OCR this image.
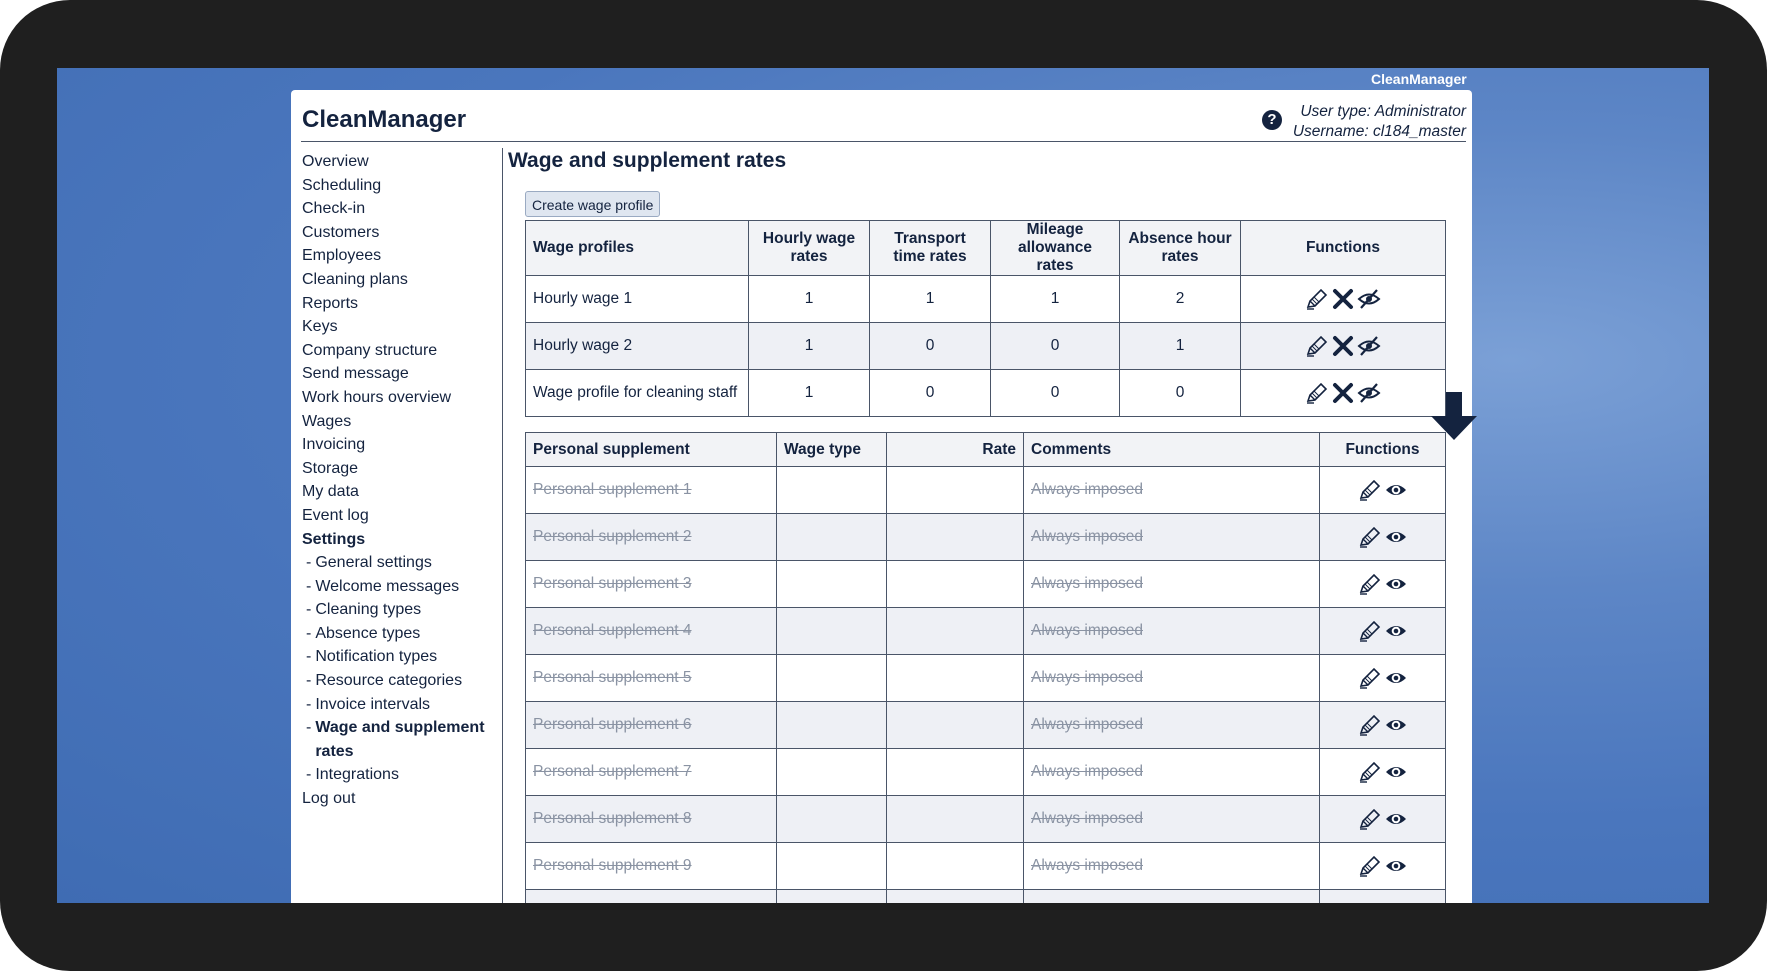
CleanManager
CleanManager	?	User type: Administrator
Username: cl184_master
Overview
Scheduling
Check-in
Customers
Employees
Cleaning plans
Reports
Keys
Company structure
Send message
Work hours overview
Wages
Invoicing
Storage
My data
Event log
Settings
- General settings
- Welcome messages
- Cleaning types
- Absence types
- Notification types
- Resource categories
- Invoice intervals
- Wage and supplement rates
- Integrations
Log out
Wage and supplement rates
Create wage profile
Wage profiles	Hourly wage rates	Transport time rates	Mileage allowance rates	Absence hour rates	Functions
Hourly wage 1	1	1	1	2	
Hourly wage 2	1	0	0	1	
Wage profile for cleaning staff	1	0	0	0	
Personal supplement	Wage type	Rate	Comments	Functions
Personal supplement 1			Always imposed	
Personal supplement 2			Always imposed	
Personal supplement 3			Always imposed	
Personal supplement 4			Always imposed	
Personal supplement 5			Always imposed	
Personal supplement 6			Always imposed	
Personal supplement 7			Always imposed	
Personal supplement 8			Always imposed	
Personal supplement 9			Always imposed	
